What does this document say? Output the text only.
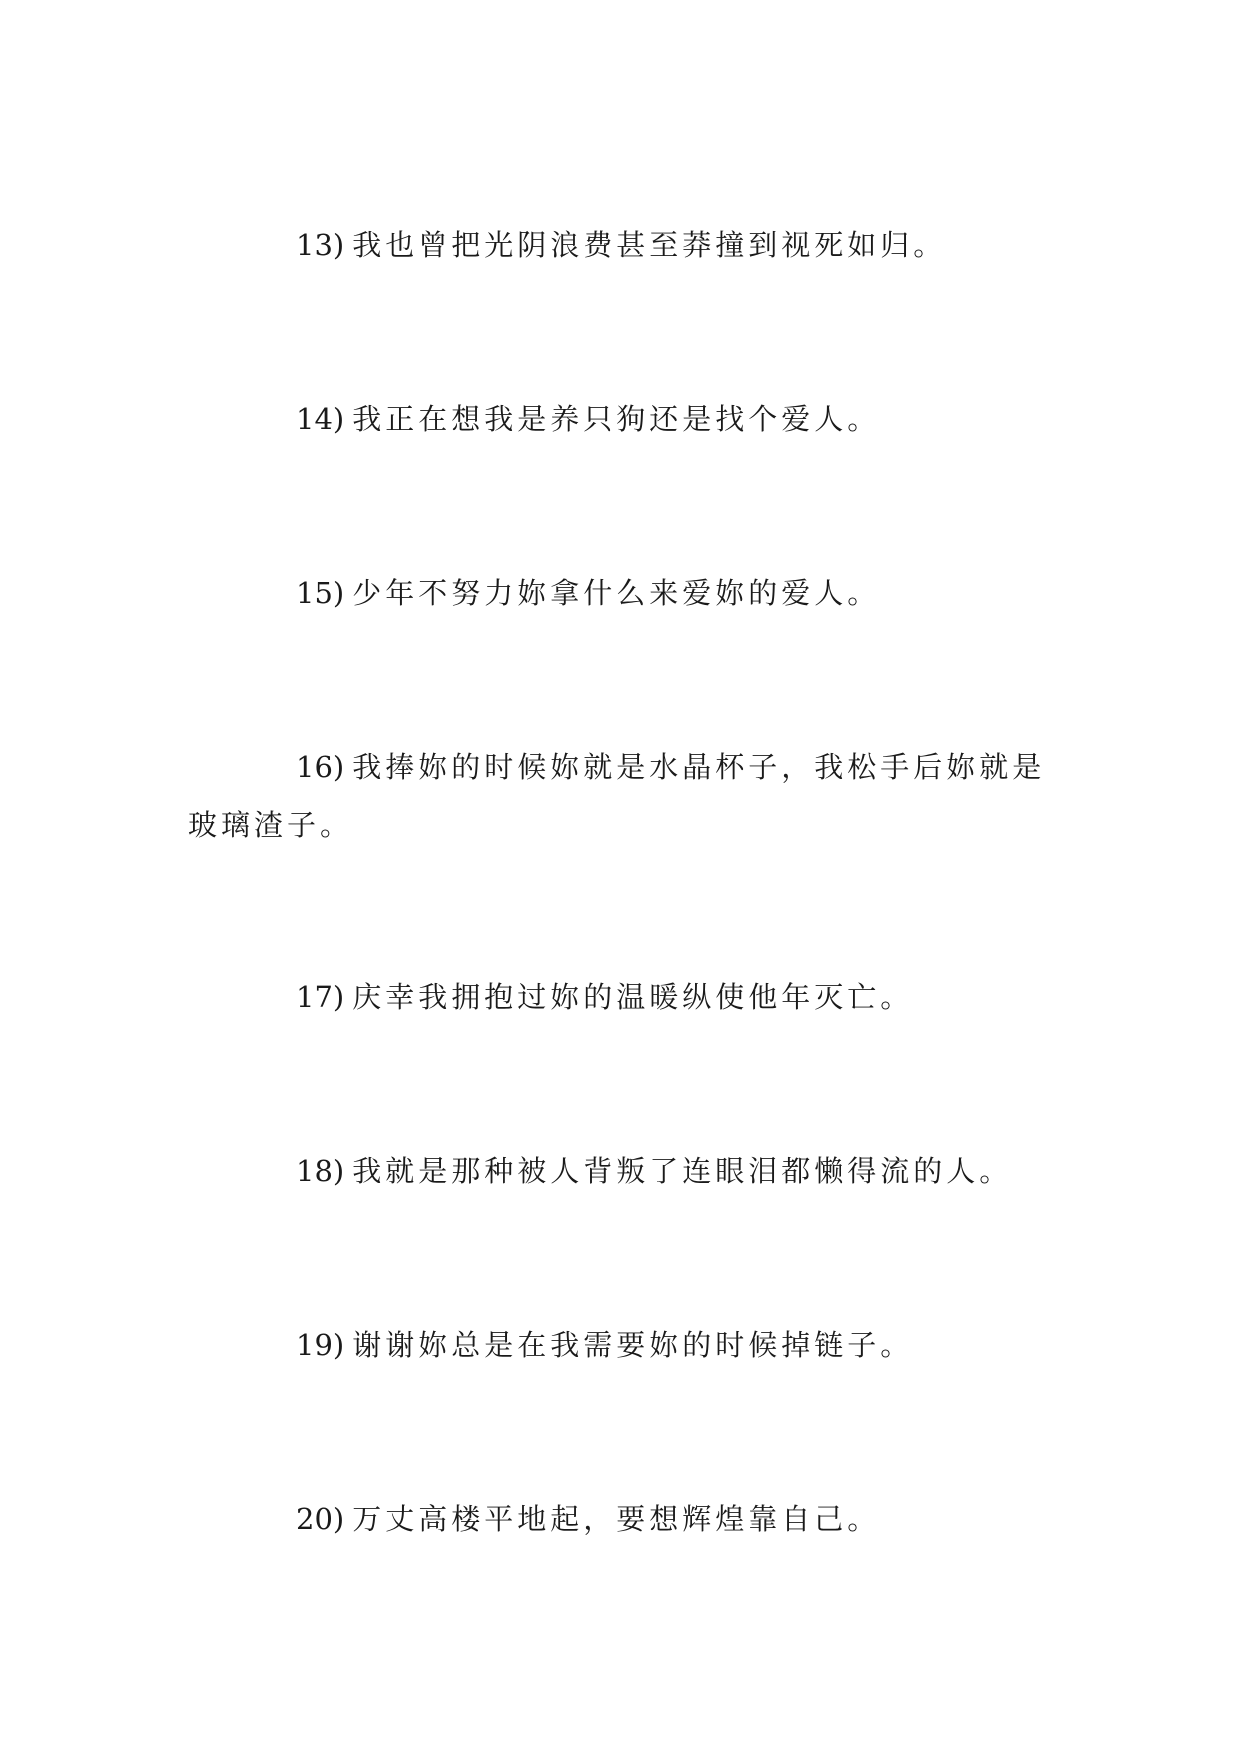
13) 我也曾把光阴浪费甚至莽撞到视死如归。

14) 我正在想我是养只狗还是找个爱人。

15) 少年不努力妳拿什么来爱妳的爱人。

16) 我捧妳的时候妳就是水晶杯子，我松手后妳就是玻璃渣子。

17) 庆幸我拥抱过妳的温暖纵使他年灭亡。

18) 我就是那种被人背叛了连眼泪都懒得流的人。

19) 谢谢妳总是在我需要妳的时候掉链子。

20) 万丈高楼平地起，要想辉煌靠自己。
